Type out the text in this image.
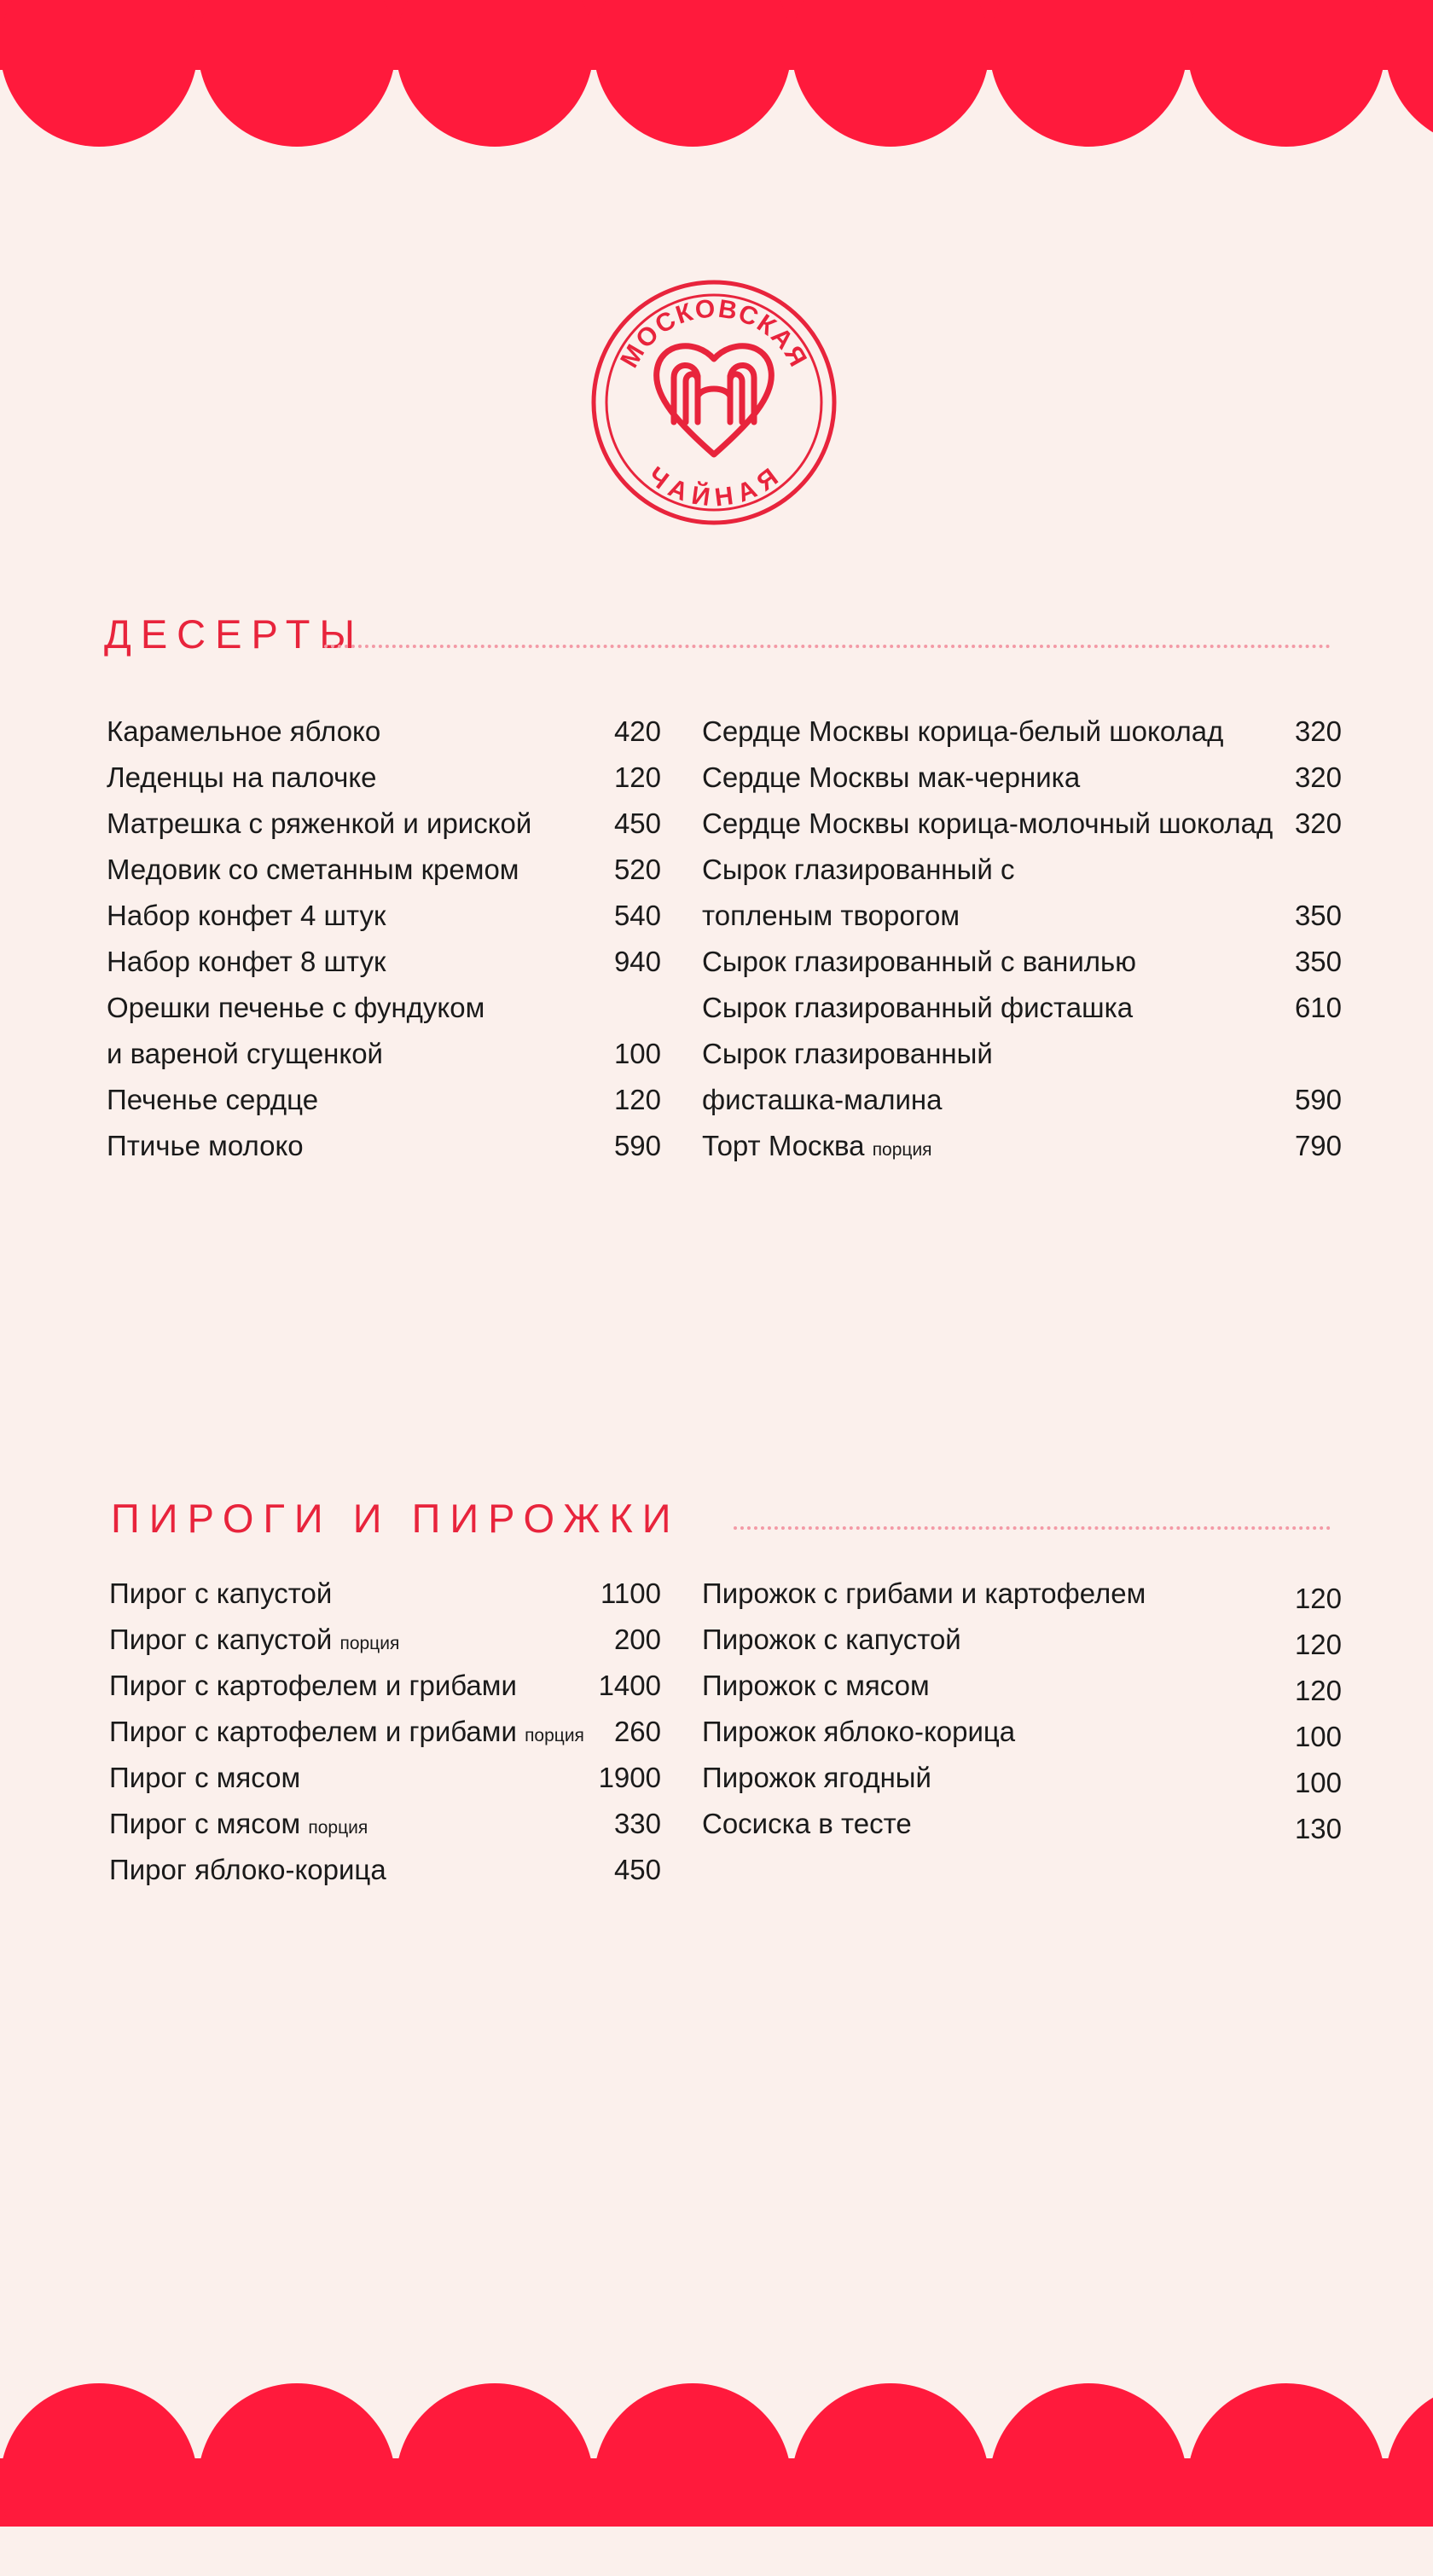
МОСКОВСКАЯ
ЧАЙНАЯ
ДЕСЕРТЫ
Карамельное яблоко	420
Леденцы на палочке	120
Матрешка с ряженкой и ириской	450
Медовик со сметанным кремом	520
Набор конфет 4 штук	540
Набор конфет 8 штук	940
Орешки печенье с фундуком
и вареной сгущенкой	100
Печенье сердце	120
Птичье молоко	590
Сердце Москвы корица-белый шоколад	320
Сердце Москвы мак-черника	320
Сердце Москвы корица-молочный шоколад 320
Сырок глазированный с
топленым творогом	350
Сырок глазированный с ванилью	350
Сырок глазированный фисташка	610
Сырок глазированный
фисташка-малина	590
Торт Москва порция	790
ПИРОГИ И ПИРОЖКИ
Пирог с капустой	1100
Пирог с капустой порция	200
Пирог с картофелем и грибами	1400
Пирог с картофелем и грибами порция 260
Пирог с мясом	1900
Пирог с мясом порция	330
Пирог яблоко-корица	450
Пирожок с грибами и картофелем	120
Пирожок с капустой	120
Пирожок с мясом	120
Пирожок яблоко-корица	100
Пирожок ягодный	100
Сосиска в тесте	130
